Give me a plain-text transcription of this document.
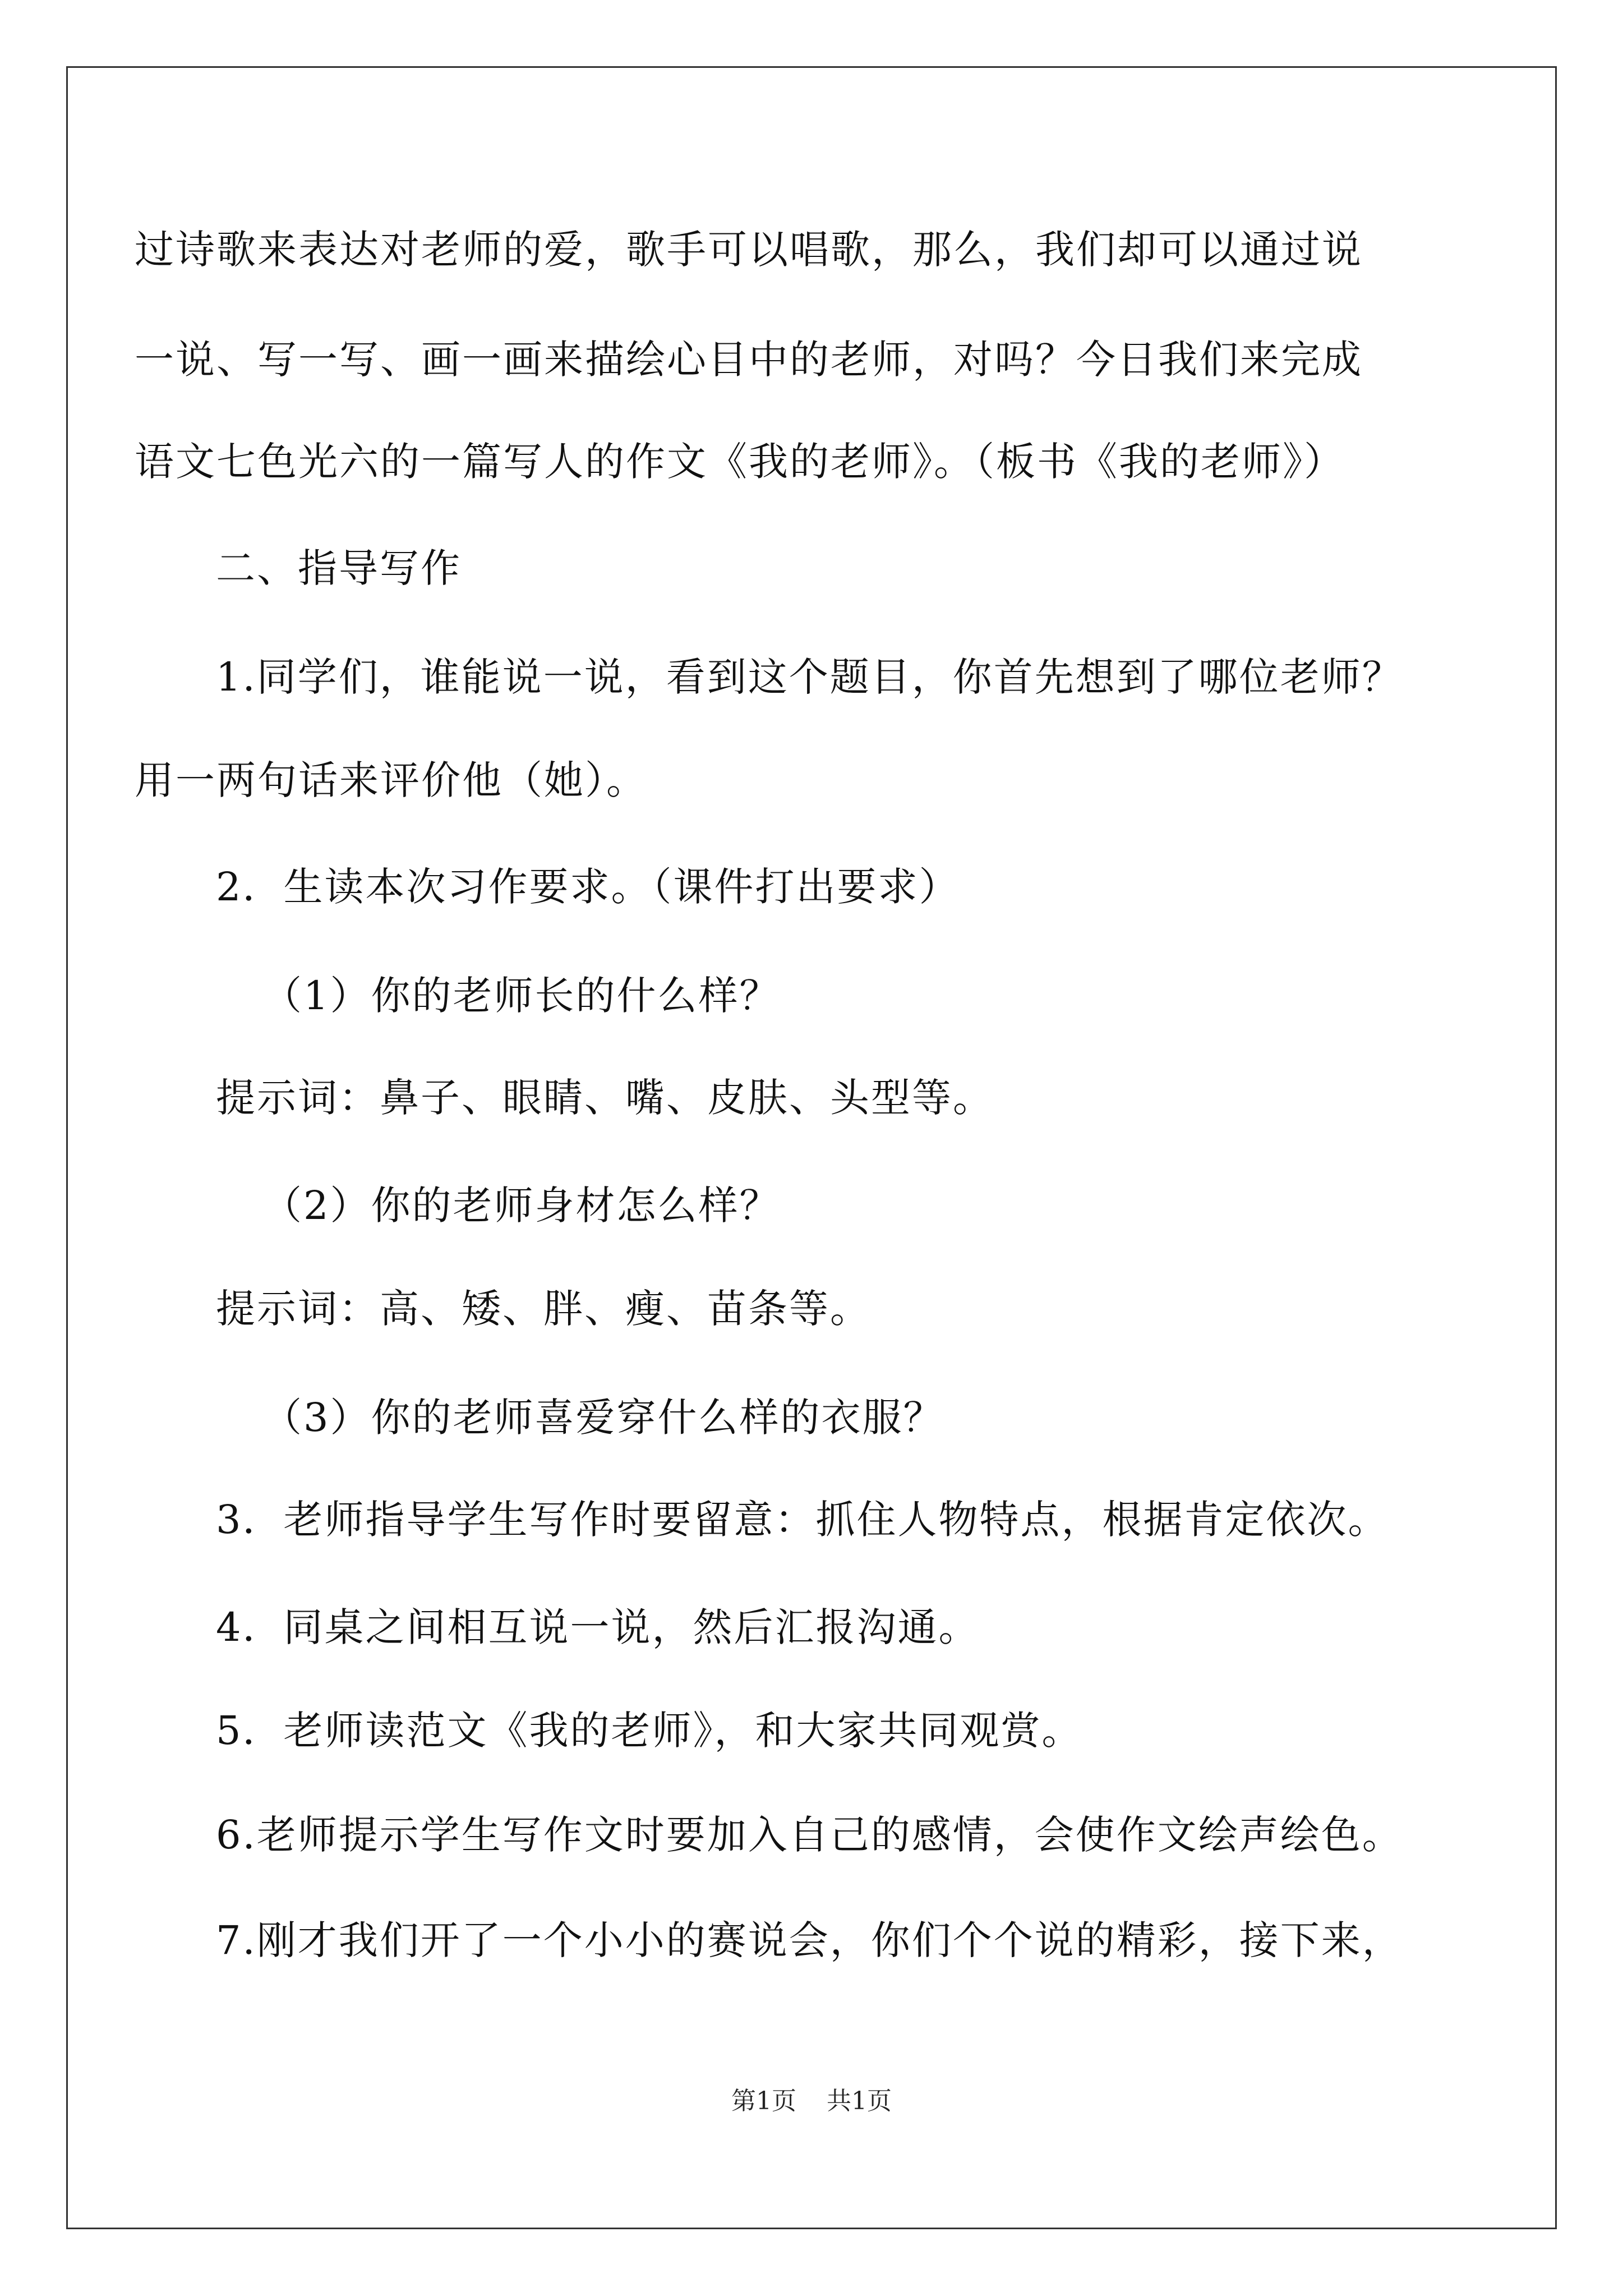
过诗歌来表达对老师的爱，歌手可以唱歌，那么，我们却可以通过说
一说、写一写、画一画来描绘心目中的老师，对吗？今日我们来完成
语文七色光六的一篇写人的作文《我的老师》。（板书《我的老师》）
二、指导写作
1.同学们，谁能说一说，看到这个题目，你首先想到了哪位老师？
用一两句话来评价他（她）。
2．生读本次习作要求。（课件打出要求）
（1）你的老师长的什么样？
提示词：鼻子、眼睛、嘴、皮肤、头型等。
（2）你的老师身材怎么样？
提示词：高、矮、胖、瘦、苗条等。
（3）你的老师喜爱穿什么样的衣服？
3．老师指导学生写作时要留意：抓住人物特点，根据肯定依次。
4．同桌之间相互说一说，然后汇报沟通。
5．老师读范文《我的老师》，和大家共同观赏。
6.老师提示学生写作文时要加入自己的感情，会使作文绘声绘色。
7.刚才我们开了一个小小的赛说会，你们个个说的精彩，接下来，
第1页 共1页
